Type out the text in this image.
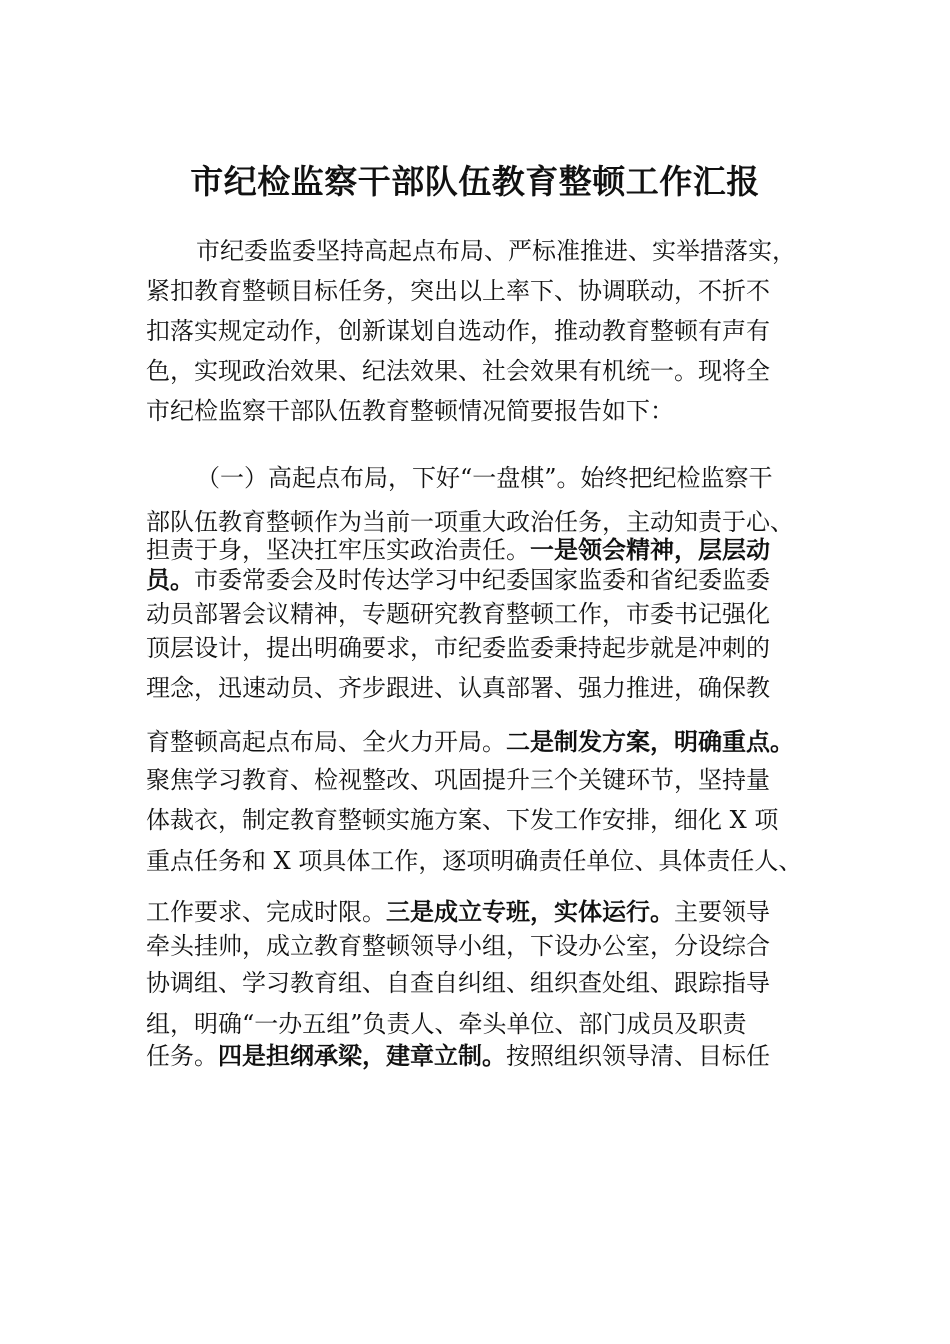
市纪检监察干部队伍教育整顿工作汇报
市纪委监委坚持高起点布局、严标准推进、实举措落实，
紧扣教育整顿目标任务，突出以上率下、协调联动，不折不
扣落实规定动作，创新谋划自选动作，推动教育整顿有声有
色，实现政治效果、纪法效果、社会效果有机统一。现将全
市纪检监察干部队伍教育整顿情况简要报告如下：
（一）高起点布局，下好“一盘棋”。始终把纪检监察干
部队伍教育整顿作为当前一项重大政治任务，主动知责于心、
担责于身，坚决扛牢压实政治责任。一是领会精神，层层动
员。市委常委会及时传达学习中纪委国家监委和省纪委监委
动员部署会议精神，专题研究教育整顿工作，市委书记强化
顶层设计，提出明确要求，市纪委监委秉持起步就是冲刺的
理念，迅速动员、齐步跟进、认真部署、强力推进，确保教
育整顿高起点布局、全火力开局。二是制发方案，明确重点。
聚焦学习教育、检视整改、巩固提升三个关键环节，坚持量
体裁衣，制定教育整顿实施方案、下发工作安排，细化 X 项
重点任务和 X 项具体工作，逐项明确责任单位、具体责任人、
工作要求、完成时限。三是成立专班，实体运行。主要领导
牵头挂帅，成立教育整顿领导小组，下设办公室，分设综合
协调组、学习教育组、自查自纠组、组织查处组、跟踪指导
组，明确“一办五组”负责人、牵头单位、部门成员及职责
任务。四是担纲承梁，建章立制。按照组织领导清、目标任
